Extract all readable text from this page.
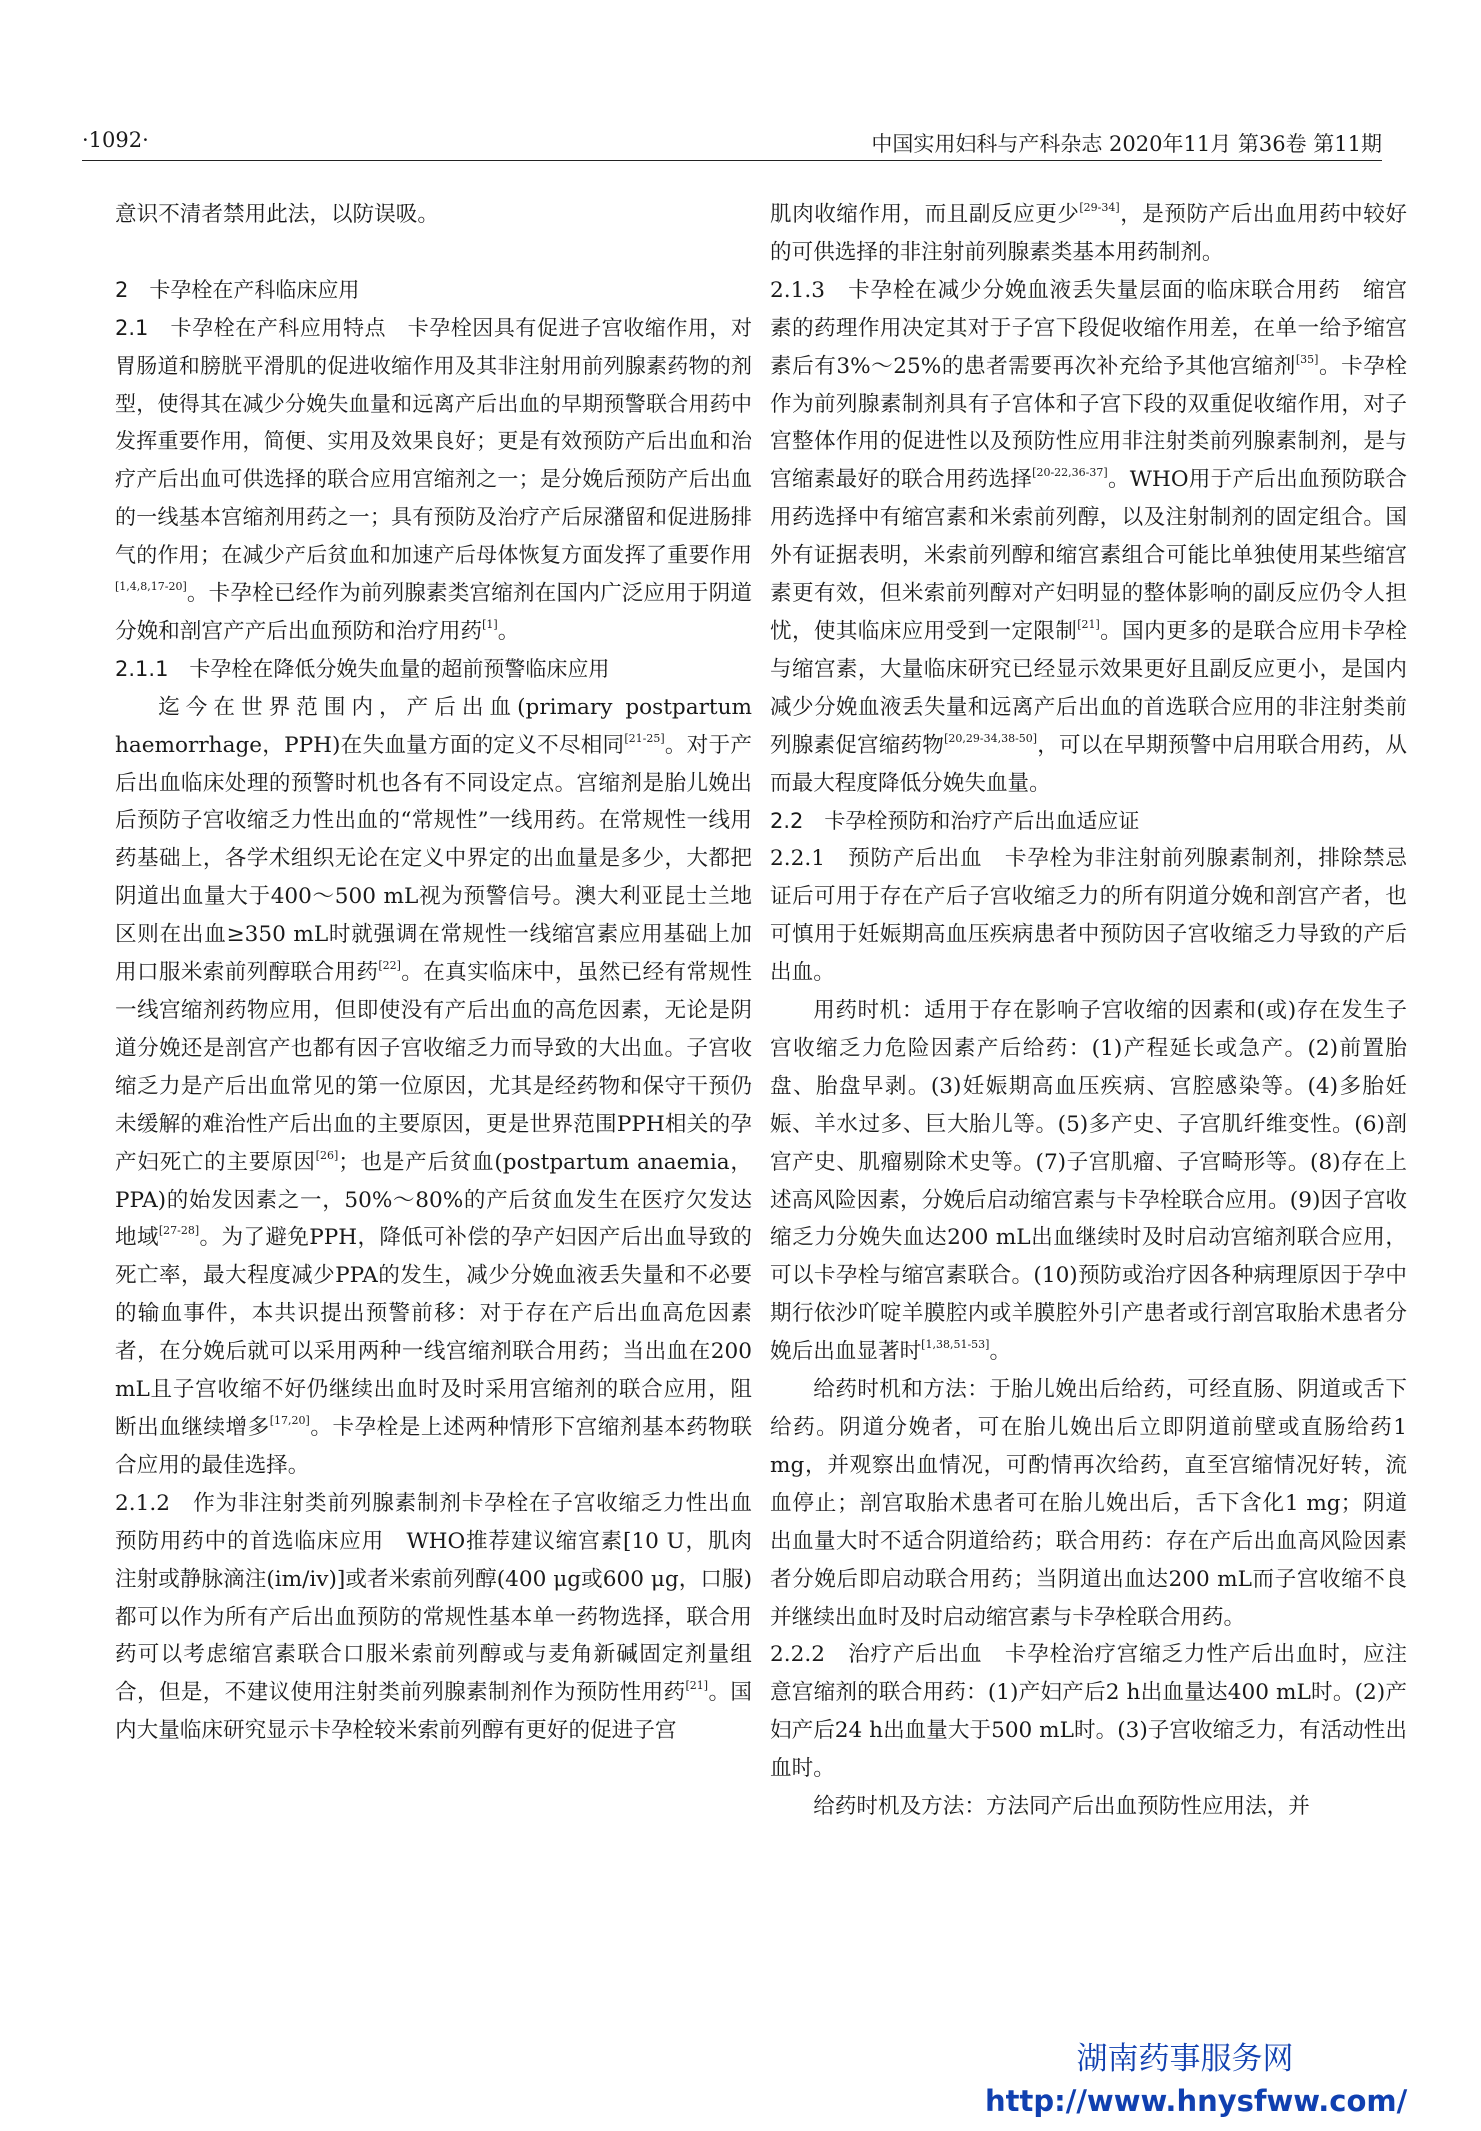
·1092·	中国实用妇科与产科杂志 2020年11月 第36卷 第11期

意识不清者禁用此法，以防误吸。

2　卡孕栓在产科临床应用

2.1　卡孕栓在产科应用特点　卡孕栓因具有促进子宫收缩作用，对胃肠道和膀胱平滑肌的促进收缩作用及其非注射用前列腺素药物的剂型，使得其在减少分娩失血量和远离产后出血的早期预警联合用药中发挥重要作用，简便、实用及效果良好；更是有效预防产后出血和治疗产后出血可供选择的联合应用宫缩剂之一；是分娩后预防产后出血的一线基本宫缩剂用药之一；具有预防及治疗产后尿潴留和促进肠排气的作用；在减少产后贫血和加速产后母体恢复方面发挥了重要作用[1,4,8,17-20]。卡孕栓已经作为前列腺素类宫缩剂在国内广泛应用于阴道分娩和剖宫产产后出血预防和治疗用药[1]。

2.1.1　卡孕栓在降低分娩失血量的超前预警临床应用

迄今在世界范围内，产后出血(primary postpartum haemorrhage，PPH)在失血量方面的定义不尽相同[21-25]。对于产后出血临床处理的预警时机也各有不同设定点。宫缩剂是胎儿娩出后预防子宫收缩乏力性出血的“常规性”一线用药。在常规性一线用药基础上，各学术组织无论在定义中界定的出血量是多少，大都把阴道出血量大于400～500 mL视为预警信号。澳大利亚昆士兰地区则在出血≥350 mL时就强调在常规性一线缩宫素应用基础上加用口服米索前列醇联合用药[22]。在真实临床中，虽然已经有常规性一线宫缩剂药物应用，但即使没有产后出血的高危因素，无论是阴道分娩还是剖宫产也都有因子宫收缩乏力而导致的大出血。子宫收缩乏力是产后出血常见的第一位原因，尤其是经药物和保守干预仍未缓解的难治性产后出血的主要原因，更是世界范围PPH相关的孕产妇死亡的主要原因[26]；也是产后贫血(postpartum anaemia，PPA)的始发因素之一，50%～80%的产后贫血发生在医疗欠发达地域[27-28]。为了避免PPH，降低可补偿的孕产妇因产后出血导致的死亡率，最大程度减少PPA的发生，减少分娩血液丢失量和不必要的输血事件，本共识提出预警前移：对于存在产后出血高危因素者，在分娩后就可以采用两种一线宫缩剂联合用药；当出血在200 mL且子宫收缩不好仍继续出血时及时采用宫缩剂的联合应用，阻断出血继续增多[17,20]。卡孕栓是上述两种情形下宫缩剂基本药物联合应用的最佳选择。

2.1.2　作为非注射类前列腺素制剂卡孕栓在子宫收缩乏力性出血预防用药中的首选临床应用　WHO推荐建议缩宫素[10 U，肌肉注射或静脉滴注(im/iv)]或者米索前列醇(400 μg或600 μg，口服)都可以作为所有产后出血预防的常规性基本单一药物选择，联合用药可以考虑缩宫素联合口服米索前列醇或与麦角新碱固定剂量组合，但是，不建议使用注射类前列腺素制剂作为预防性用药[21]。国内大量临床研究显示卡孕栓较米索前列醇有更好的促进子宫

肌肉收缩作用，而且副反应更少[29-34]，是预防产后出血用药中较好的可供选择的非注射前列腺素类基本用药制剂。

2.1.3　卡孕栓在减少分娩血液丢失量层面的临床联合用药　缩宫素的药理作用决定其对于子宫下段促收缩作用差，在单一给予缩宫素后有3%～25%的患者需要再次补充给予其他宫缩剂[35]。卡孕栓作为前列腺素制剂具有子宫体和子宫下段的双重促收缩作用，对子宫整体作用的促进性以及预防性应用非注射类前列腺素制剂，是与宫缩素最好的联合用药选择[20-22,36-37]。WHO用于产后出血预防联合用药选择中有缩宫素和米索前列醇，以及注射制剂的固定组合。国外有证据表明，米索前列醇和缩宫素组合可能比单独使用某些缩宫素更有效，但米索前列醇对产妇明显的整体影响的副反应仍令人担忧，使其临床应用受到一定限制[21]。国内更多的是联合应用卡孕栓与缩宫素，大量临床研究已经显示效果更好且副反应更小，是国内减少分娩血液丢失量和远离产后出血的首选联合应用的非注射类前列腺素促宫缩药物[20,29-34,38-50]，可以在早期预警中启用联合用药，从而最大程度降低分娩失血量。

2.2　卡孕栓预防和治疗产后出血适应证

2.2.1　预防产后出血　卡孕栓为非注射前列腺素制剂，排除禁忌证后可用于存在产后子宫收缩乏力的所有阴道分娩和剖宫产者，也可慎用于妊娠期高血压疾病患者中预防因子宫收缩乏力导致的产后出血。

用药时机：适用于存在影响子宫收缩的因素和(或)存在发生子宫收缩乏力危险因素产后给药：(1)产程延长或急产。(2)前置胎盘、胎盘早剥。(3)妊娠期高血压疾病、宫腔感染等。(4)多胎妊娠、羊水过多、巨大胎儿等。(5)多产史、子宫肌纤维变性。(6)剖宫产史、肌瘤剔除术史等。(7)子宫肌瘤、子宫畸形等。(8)存在上述高风险因素，分娩后启动缩宫素与卡孕栓联合应用。(9)因子宫收缩乏力分娩失血达200 mL出血继续时及时启动宫缩剂联合应用，可以卡孕栓与缩宫素联合。(10)预防或治疗因各种病理原因于孕中期行依沙吖啶羊膜腔内或羊膜腔外引产患者或行剖宫取胎术患者分娩后出血显著时[1,38,51-53]。

给药时机和方法：于胎儿娩出后给药，可经直肠、阴道或舌下给药。阴道分娩者，可在胎儿娩出后立即阴道前壁或直肠给药1 mg，并观察出血情况，可酌情再次给药，直至宫缩情况好转，流血停止；剖宫取胎术患者可在胎儿娩出后，舌下含化1 mg；阴道出血量大时不适合阴道给药；联合用药：存在产后出血高风险因素者分娩后即启动联合用药；当阴道出血达200 mL而子宫收缩不良并继续出血时及时启动缩宫素与卡孕栓联合用药。

2.2.2　治疗产后出血　卡孕栓治疗宫缩乏力性产后出血时，应注意宫缩剂的联合用药：(1)产妇产后2 h出血量达400 mL时。(2)产妇产后24 h出血量大于500 mL时。(3)子宫收缩乏力，有活动性出血时。

给药时机及方法：方法同产后出血预防性应用法，并

湖南药事服务网
http://www.hnysfww.com/
